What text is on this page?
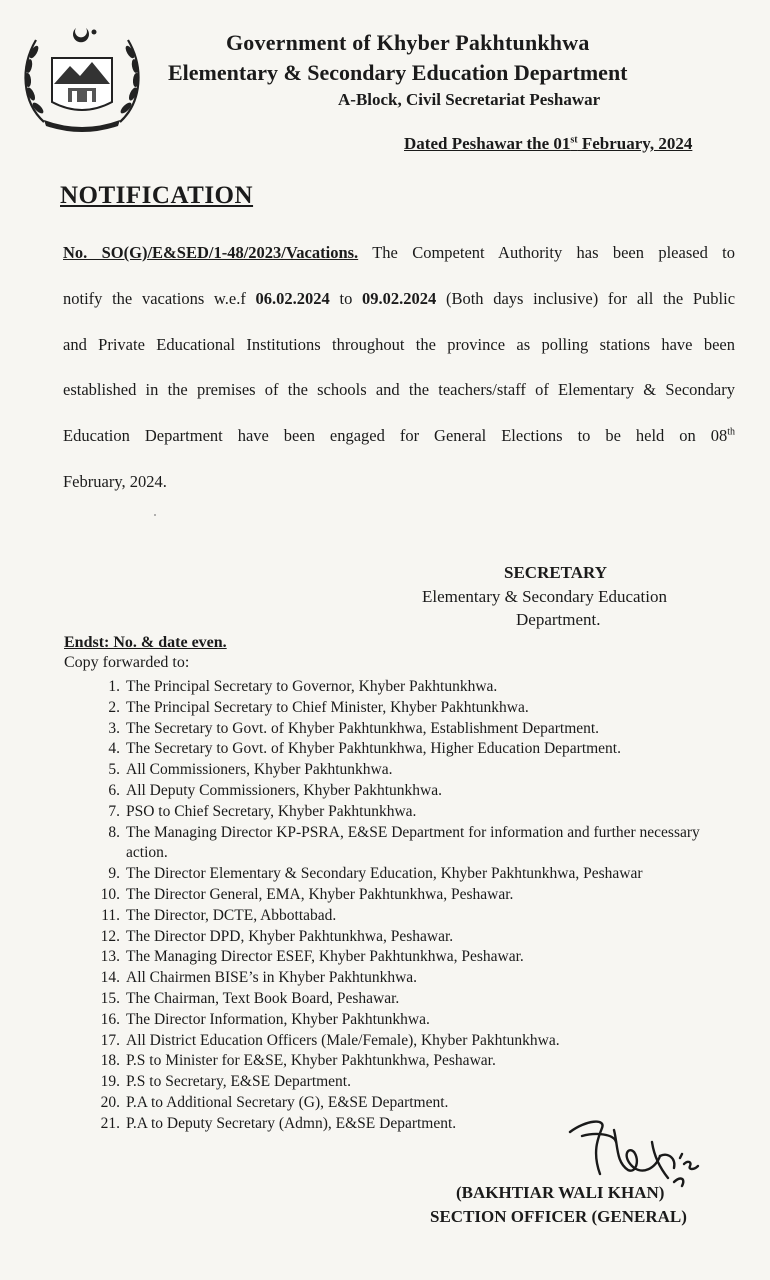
Government of Khyber Pakhtunkhwa
Elementary & Secondary Education Department
A-Block, Civil Secretariat Peshawar
Dated Peshawar the 01st February, 2024
NOTIFICATION
No. SO(G)/E&SED/1-48/2023/Vacations. The Competent Authority has been pleased to
notify the vacations w.e.f 06.02.2024 to 09.02.2024 (Both days inclusive) for all the Public
and Private Educational Institutions throughout the province as polling stations have been
established in the premises of the schools and the teachers/staff of Elementary & Secondary
Education Department have been engaged for General Elections to be held on 08th
February, 2024.
SECRETARY
Elementary & Secondary Education
Department.
Endst: No. & date even.
Copy forwarded to:
1. The Principal Secretary to Governor, Khyber Pakhtunkhwa.
2. The Principal Secretary to Chief Minister, Khyber Pakhtunkhwa.
3. The Secretary to Govt. of Khyber Pakhtunkhwa, Establishment Department.
4. The Secretary to Govt. of Khyber Pakhtunkhwa, Higher Education Department.
5. All Commissioners, Khyber Pakhtunkhwa.
6. All Deputy Commissioners, Khyber Pakhtunkhwa.
7. PSO to Chief Secretary, Khyber Pakhtunkhwa.
8. The Managing Director KP-PSRA, E&SE Department for information and further necessary action.
9. The Director Elementary & Secondary Education, Khyber Pakhtunkhwa, Peshawar
10. The Director General, EMA, Khyber Pakhtunkhwa, Peshawar.
11. The Director, DCTE, Abbottabad.
12. The Director DPD, Khyber Pakhtunkhwa, Peshawar.
13. The Managing Director ESEF, Khyber Pakhtunkhwa, Peshawar.
14. All Chairmen BISE’s in Khyber Pakhtunkhwa.
15. The Chairman, Text Book Board, Peshawar.
16. The Director Information, Khyber Pakhtunkhwa.
17. All District Education Officers (Male/Female), Khyber Pakhtunkhwa.
18. P.S to Minister for E&SE, Khyber Pakhtunkhwa, Peshawar.
19. P.S to Secretary, E&SE Department.
20. P.A to Additional Secretary (G), E&SE Department.
21. P.A to Deputy Secretary (Admn), E&SE Department.
(BAKHTIAR WALI KHAN)
SECTION OFFICER (GENERAL)
